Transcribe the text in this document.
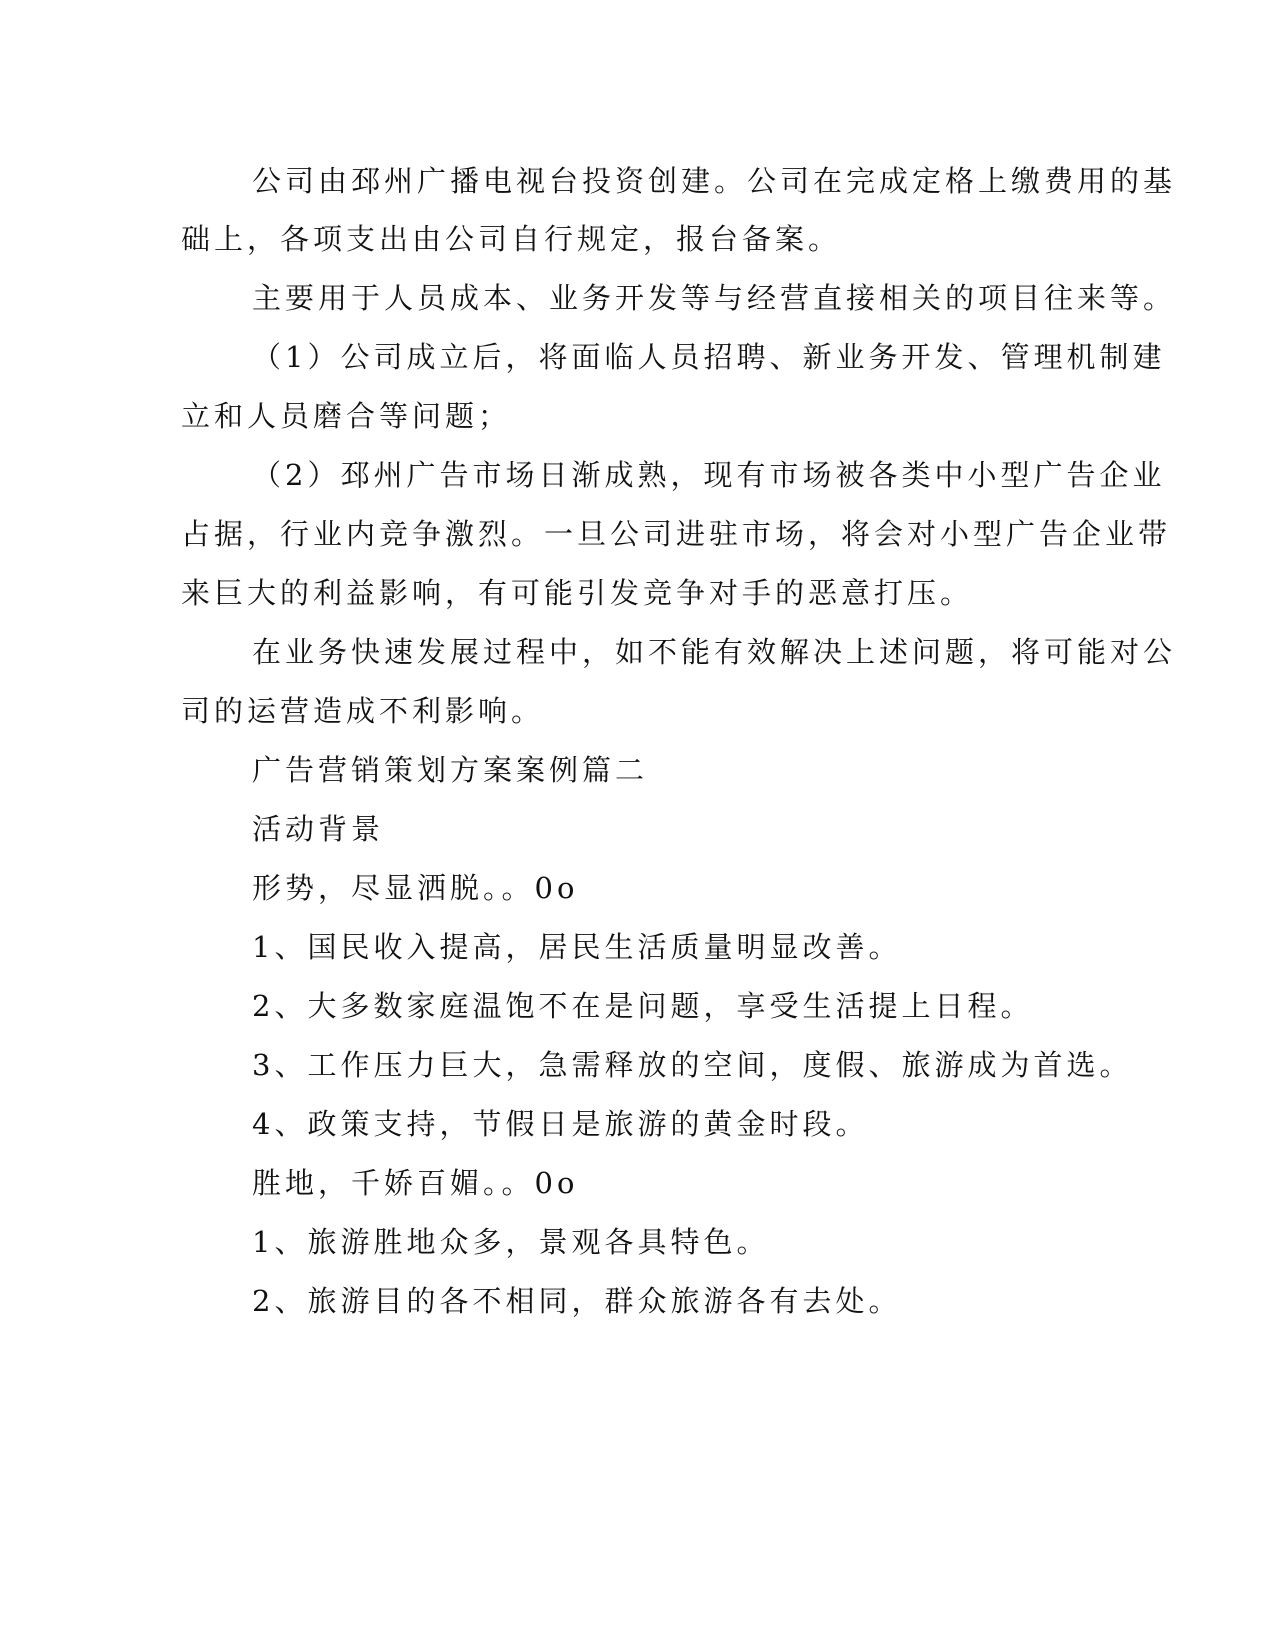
公司由邳州广播电视台投资创建。公司在完成定格上缴费用的基
础上，各项支出由公司自行规定，报台备案。
主要用于人员成本、业务开发等与经营直接相关的项目往来等。
（1）公司成立后，将面临人员招聘、新业务开发、管理机制建
立和人员磨合等问题；
（2）邳州广告市场日渐成熟，现有市场被各类中小型广告企业
占据，行业内竞争激烈。一旦公司进驻市场，将会对小型广告企业带
来巨大的利益影响，有可能引发竞争对手的恶意打压。
在业务快速发展过程中，如不能有效解决上述问题，将可能对公
司的运营造成不利影响。
广告营销策划方案案例篇二
活动背景
形势，尽显洒脱。。0o
1、国民收入提高，居民生活质量明显改善。
2、大多数家庭温饱不在是问题，享受生活提上日程。
3、工作压力巨大，急需释放的空间，度假、旅游成为首选。
4、政策支持，节假日是旅游的黄金时段。
胜地，千娇百媚。。0o
1、旅游胜地众多，景观各具特色。
2、旅游目的各不相同，群众旅游各有去处。
